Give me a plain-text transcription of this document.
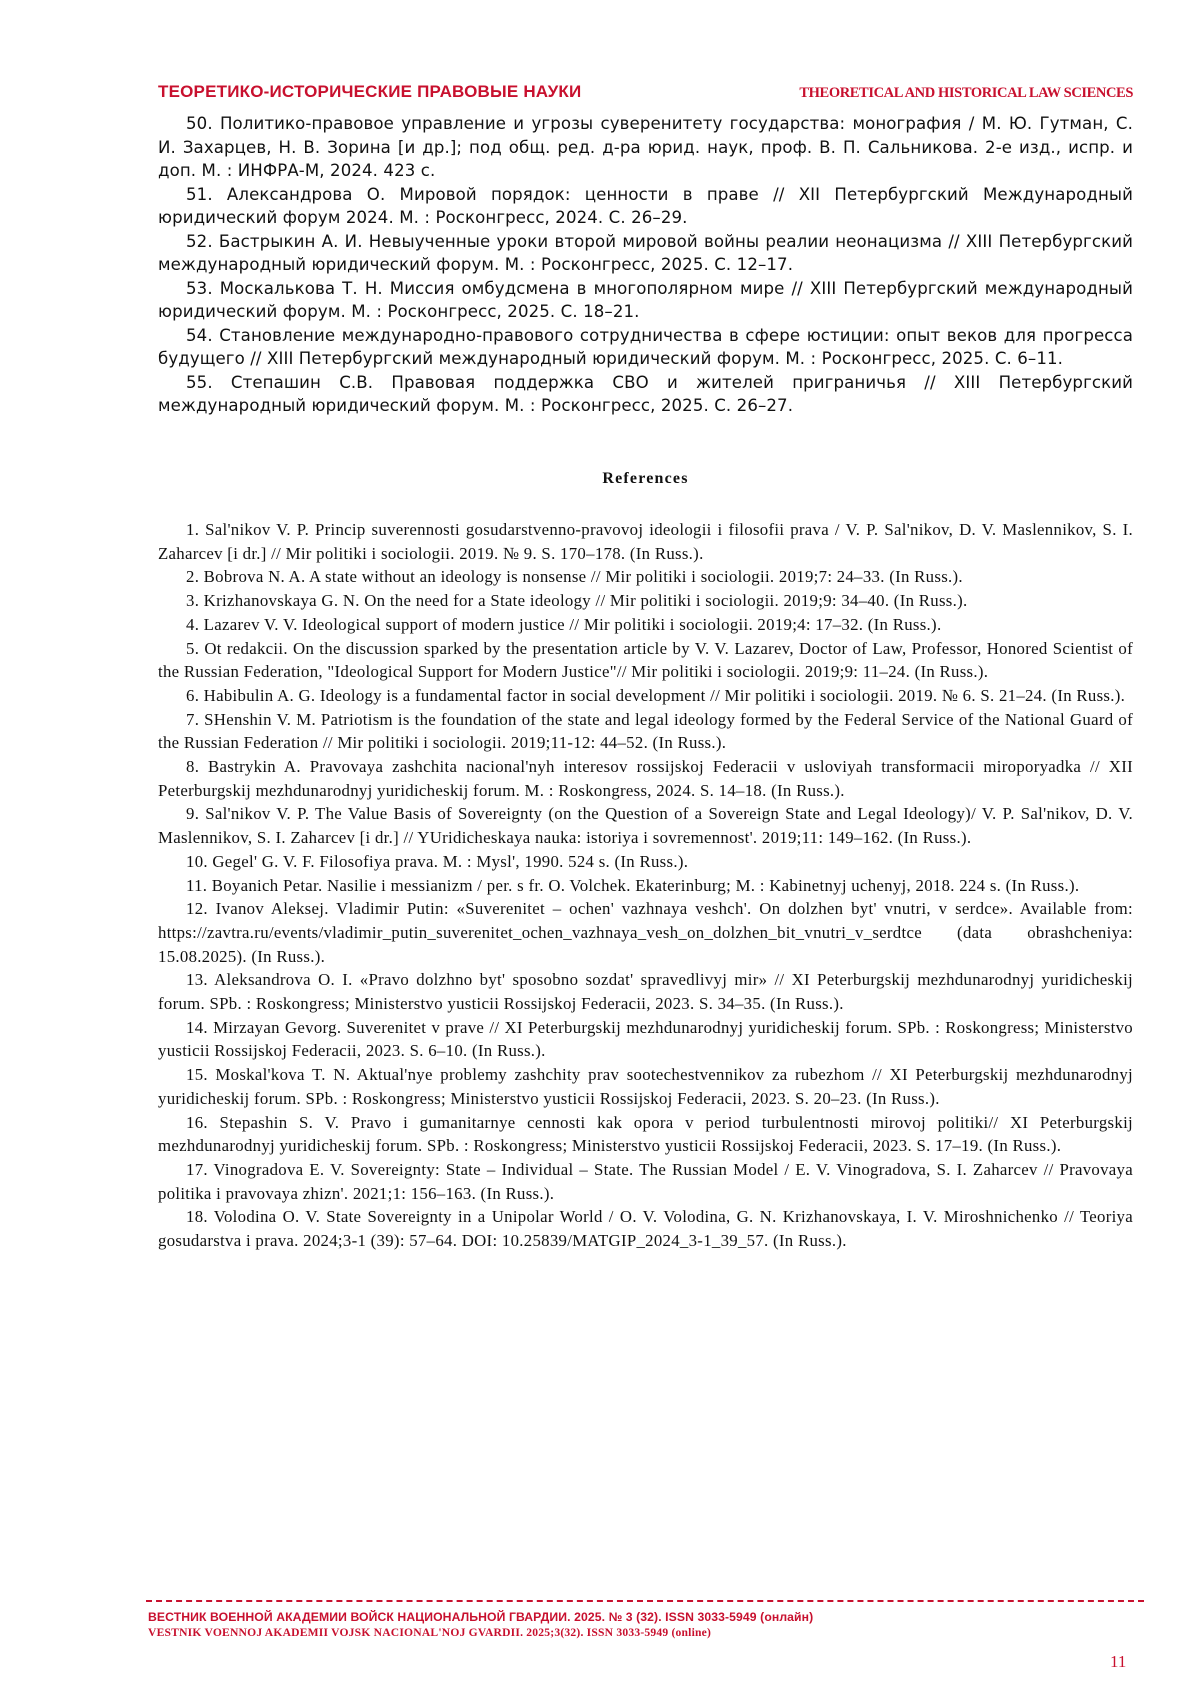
ТЕОРЕТИКО-ИСТОРИЧЕСКИЕ ПРАВОВЫЕ НАУКИ	THEORETICAL AND HISTORICAL LAW SCIENCES

50. Политико-правовое управление и угрозы суверенитету государства: монография / М. Ю. Гутман, С. И. Захарцев, Н. В. Зорина [и др.]; под общ. ред. д-ра юрид. наук, проф. В. П. Сальникова. 2-е изд., испр. и доп. М. : ИНФРА-М, 2024. 423 с.

51. Александрова О. Мировой порядок: ценности в праве // XII Петербургский Международный юридический форум 2024. М. : Росконгресс, 2024. С. 26–29.

52. Бастрыкин А. И. Невыученные уроки второй мировой войны реалии неонацизма // XIII Петербургский международный юридический форум. М. : Росконгресс, 2025. С. 12–17.

53. Москалькова Т. Н. Миссия омбудсмена в многополярном мире // XIII Петербургский международный юридический форум. М. : Росконгресс, 2025. С. 18–21.

54. Становление международно-правового сотрудничества в сфере юстиции: опыт веков для прогресса будущего // XIII Петербургский международный юридический форум. М. : Росконгресс, 2025. С. 6–11.

55. Степашин С.В. Правовая поддержка СВО и жителей приграничья // XIII Петербургский международный юридический форум. М. : Росконгресс, 2025. С. 26–27.

References

1. Sal'nikov V. P. Princip suverennosti gosudarstvenno-pravovoj ideologii i filosofii prava / V. P. Sal'nikov, D. V. Maslennikov, S. I. Zaharcev [i dr.] // Mir politiki i sociologii. 2019. № 9. S. 170–178. (In Russ.).

2. Bobrova N. A. A state without an ideology is nonsense // Mir politiki i sociologii. 2019;7: 24–33. (In Russ.).

3. Krizhanovskaya G. N. On the need for a State ideology // Mir politiki i sociologii. 2019;9: 34–40. (In Russ.).

4. Lazarev V. V. Ideological support of modern justice // Mir politiki i sociologii. 2019;4: 17–32. (In Russ.).

5. Ot redakcii. On the discussion sparked by the presentation article by V. V. Lazarev, Doctor of Law, Professor, Honored Scientist of the Russian Federation, "Ideological Support for Modern Justice"// Mir politiki i sociologii. 2019;9: 11–24. (In Russ.).

6. Habibulin A. G. Ideology is a fundamental factor in social development // Mir politiki i sociologii. 2019. № 6. S. 21–24. (In Russ.).

7. SHenshin V. M. Patriotism is the foundation of the state and legal ideology formed by the Federal Service of the National Guard of the Russian Federation // Mir politiki i sociologii. 2019;11-12: 44–52. (In Russ.).

8. Bastrykin A. Pravovaya zashchita nacional'nyh interesov rossijskoj Federacii v usloviyah transformacii miroporyadka // XII Peterburgskij mezhdunarodnyj yuridicheskij forum. M. : Roskongress, 2024. S. 14–18. (In Russ.).

9. Sal'nikov V. P. The Value Basis of Sovereignty (on the Question of a Sovereign State and Legal Ideology)/ V. P. Sal'nikov, D. V. Maslennikov, S. I. Zaharcev [i dr.] // YUridicheskaya nauka: istoriya i sovremennost'. 2019;11: 149–162. (In Russ.).

10. Gegel' G. V. F. Filosofiya prava. M. : Mysl', 1990. 524 s. (In Russ.).

11. Boyanich Petar. Nasilie i messianizm / per. s fr. O. Volchek. Ekaterinburg; M. : Kabinetnyj uchenyj, 2018. 224 s. (In Russ.).

12. Ivanov Aleksej. Vladimir Putin: «Suverenitet – ochen' vazhnaya veshch'. On dolzhen byt' vnutri, v serdce». Available from: https://zavtra.ru/events/vladimir_putin_suverenitet_ochen_vazhnaya_vesh_on_dolzhen_bit_vnutri_v_serdtce (data obrashcheniya: 15.08.2025). (In Russ.).

13. Aleksandrova O. I. «Pravo dolzhno byt' sposobno sozdat' spravedlivyj mir» // XI Peterburgskij mezhdunarodnyj yuridicheskij forum. SPb. : Roskongress; Ministerstvo yusticii Rossijskoj Federacii, 2023. S. 34–35. (In Russ.).

14. Mirzayan Gevorg. Suverenitet v prave // XI Peterburgskij mezhdunarodnyj yuridicheskij forum. SPb. : Roskongress; Ministerstvo yusticii Rossijskoj Federacii, 2023. S. 6–10. (In Russ.).

15. Moskal'kova T. N. Aktual'nye problemy zashchity prav sootechestvennikov za rubezhom // XI Peterburgskij mezhdunarodnyj yuridicheskij forum. SPb. : Roskongress; Ministerstvo yusticii Rossijskoj Federacii, 2023. S. 20–23. (In Russ.).

16. Stepashin S. V. Pravo i gumanitarnye cennosti kak opora v period turbulentnosti mirovoj politiki// XI Peterburgskij mezhdunarodnyj yuridicheskij forum. SPb. : Roskongress; Ministerstvo yusticii Rossijskoj Federacii, 2023. S. 17–19. (In Russ.).

17. Vinogradova E. V. Sovereignty: State – Individual – State. The Russian Model / E. V. Vinogradova, S. I. Zaharcev // Pravovaya politika i pravovaya zhizn'. 2021;1: 156–163. (In Russ.).

18. Volodina O. V. State Sovereignty in a Unipolar World / O. V. Volodina, G. N. Krizhanovskaya, I. V. Miroshnichenko // Teoriya gosudarstva i prava. 2024;3-1 (39): 57–64. DOI: 10.25839/MATGIP_2024_3-1_39_57. (In Russ.).

ВЕСТНИК ВОЕННОЙ АКАДЕМИИ ВОЙСК НАЦИОНАЛЬНОЙ ГВАРДИИ. 2025. № 3 (32). ISSN 3033-5949 (онлайн)

VESTNIK VOENNOJ AKADEMII VOJSK NACIONAL'NOJ GVARDII. 2025;3(32). ISSN 3033-5949 (online)

11
